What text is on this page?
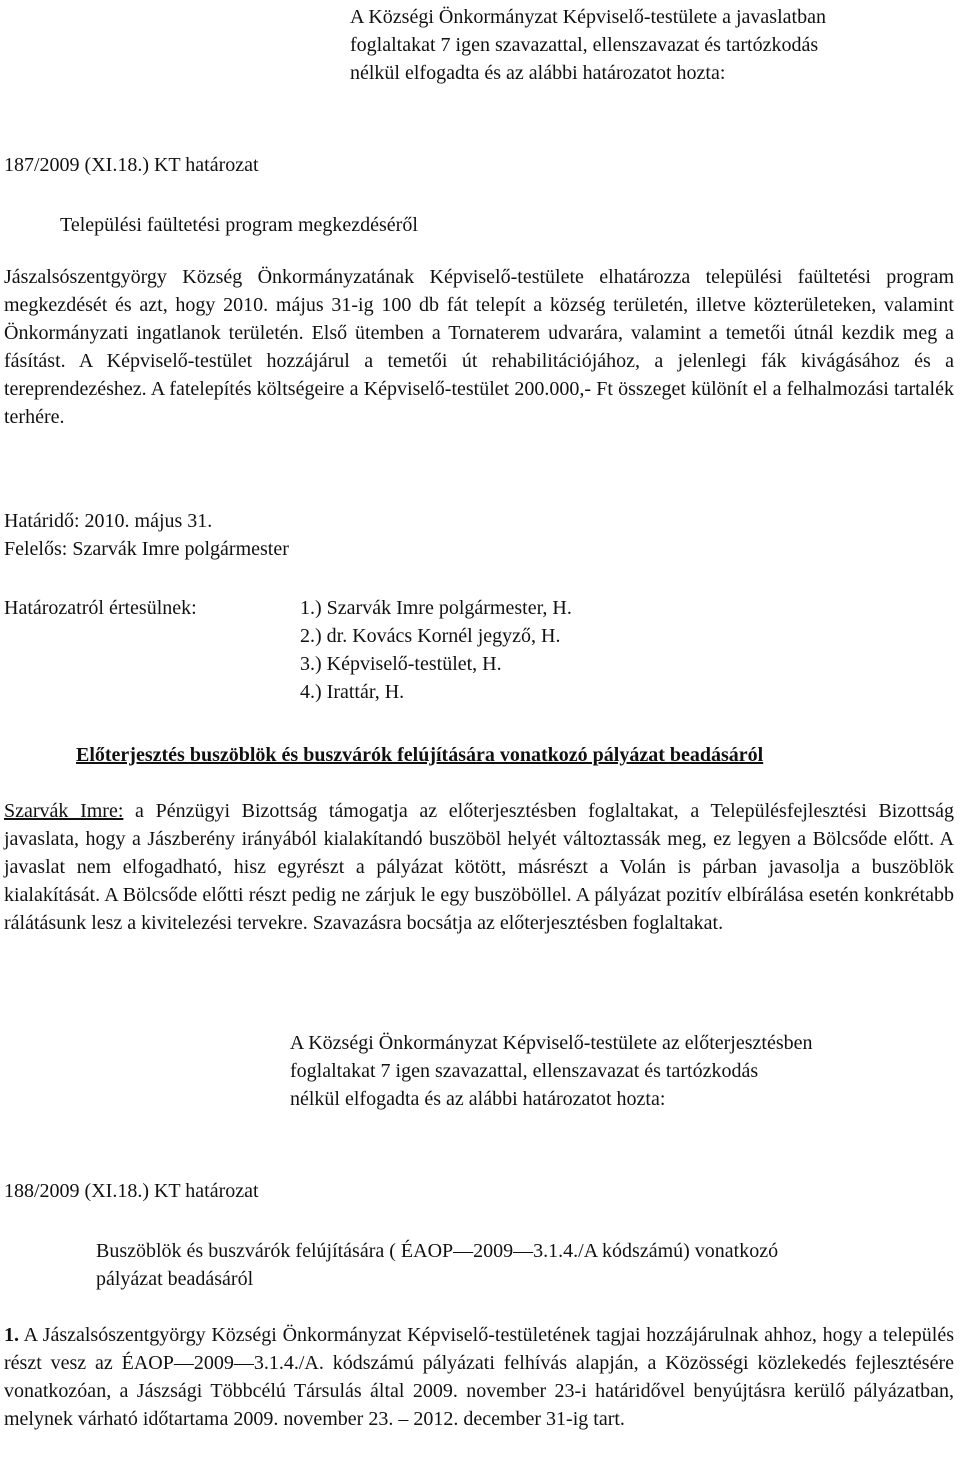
A Községi Önkormányzat Képviselő-testülete a javaslatban
foglaltakat 7 igen szavazattal, ellenszavazat és tartózkodás
nélkül elfogadta és az alábbi határozatot hozta:
187/2009 (XI.18.) KT határozat
Települési faültetési program megkezdéséről

Jászalsószentgyörgy Község Önkormányzatának Képviselő-testülete elhatározza települési faültetési program megkezdését és azt, hogy 2010. május 31-ig 100 db fát telepít a község területén, illetve közterületeken, valamint Önkormányzati ingatlanok területén. Első ütemben a Tornaterem udvarára, valamint a temetői útnál kezdik meg a fásítást. A Képviselő-testület hozzájárul a temetői út rehabilitációjához, a jelenlegi fák kivágásához és a tereprendezéshez. A fatelepítés költségeire a Képviselő-testület 200.000,- Ft összeget különít el a felhalmozási tartalék terhére.

Határidő: 2010. május 31.
Felelős: Szarvák Imre polgármester
Határozatról értesülnek:	1.) Szarvák Imre polgármester, H.
2.) dr. Kovács Kornél jegyző, H.
3.) Képviselő-testület, H.
4.) Irattár, H.
Előterjesztés buszöblök és buszvárók felújítására vonatkozó pályázat beadásáról

Szarvák Imre: a Pénzügyi Bizottság támogatja az előterjesztésben foglaltakat, a Településfejlesztési Bizottság javaslata, hogy a Jászberény irányából kialakítandó buszöböl helyét változtassák meg, ez legyen a Bölcsőde előtt. A javaslat nem elfogadható, hisz egyrészt a pályázat kötött, másrészt a Volán is párban javasolja a buszöblök kialakítását. A Bölcsőde előtti részt pedig ne zárjuk le egy buszöböllel. A pályázat pozitív elbírálása esetén konkrétabb rálátásunk lesz a kivitelezési tervekre. Szavazásra bocsátja az előterjesztésben foglaltakat.

A Községi Önkormányzat Képviselő-testülete az előterjesztésben
foglaltakat 7 igen szavazattal, ellenszavazat és tartózkodás
nélkül elfogadta és az alábbi határozatot hozta:
188/2009 (XI.18.) KT határozat
Buszöblök és buszvárók felújítására ( ÉAOP—2009—3.1.4./A kódszámú) vonatkozó
pályázat beadásáról

1. A Jászalsószentgyörgy Községi Önkormányzat Képviselő-testületének tagjai hozzájárulnak ahhoz, hogy a település részt vesz az ÉAOP—2009—3.1.4./A. kódszámú pályázati felhívás alapján, a Közösségi közlekedés fejlesztésére vonatkozóan, a Jászsági Többcélú Társulás által 2009. november 23-i határidővel benyújtásra kerülő pályázatban, melynek várható időtartama 2009. november 23. – 2012. december 31-ig tart.
